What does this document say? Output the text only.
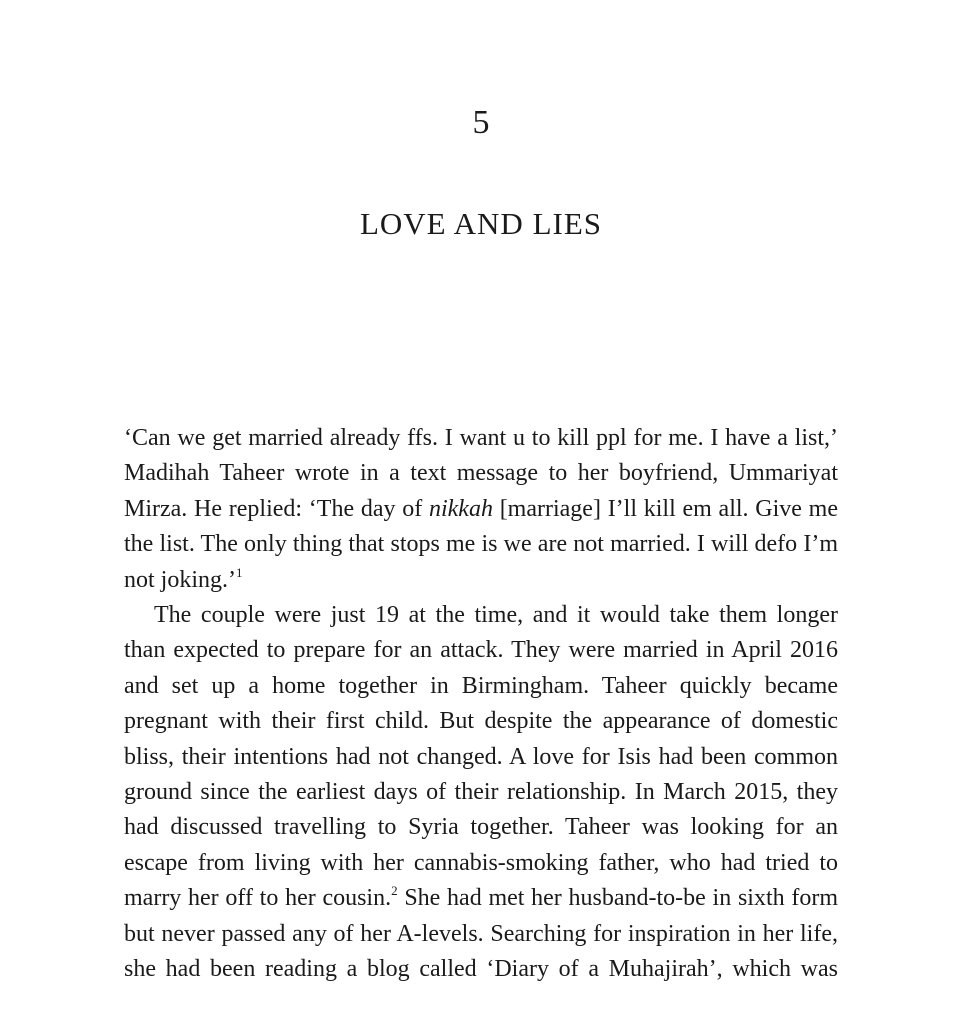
5
LOVE AND LIES

‘Can we get married already ffs. I want u to kill ppl for me. I have a list,’ Madihah Taheer wrote in a text message to her boyfriend, Ummariyat Mirza. He replied: ‘The day of nikkah [marriage] I’ll kill em all. Give me the list. The only thing that stops me is we are not married. I will defo I’m not joking.’$^1$

The couple were just 19 at the time, and it would take them longer than expected to prepare for an attack. They were married in April 2016 and set up a home together in Birmingham. Taheer quickly became pregnant with their first child. But despite the appearance of domestic bliss, their intentions had not changed. A love for Isis had been common ground since the earliest days of their relationship. In March 2015, they had discussed travelling to Syria together. Taheer was looking for an escape from living with her cannabis-smoking father, who had tried to marry her off to her cousin.$^2$ She had met her husband-to-be in sixth form but never passed any of her A-levels. Searching for inspiration in her life, she had been reading a blog called ‘Diary of a Muhajirah’, which was
